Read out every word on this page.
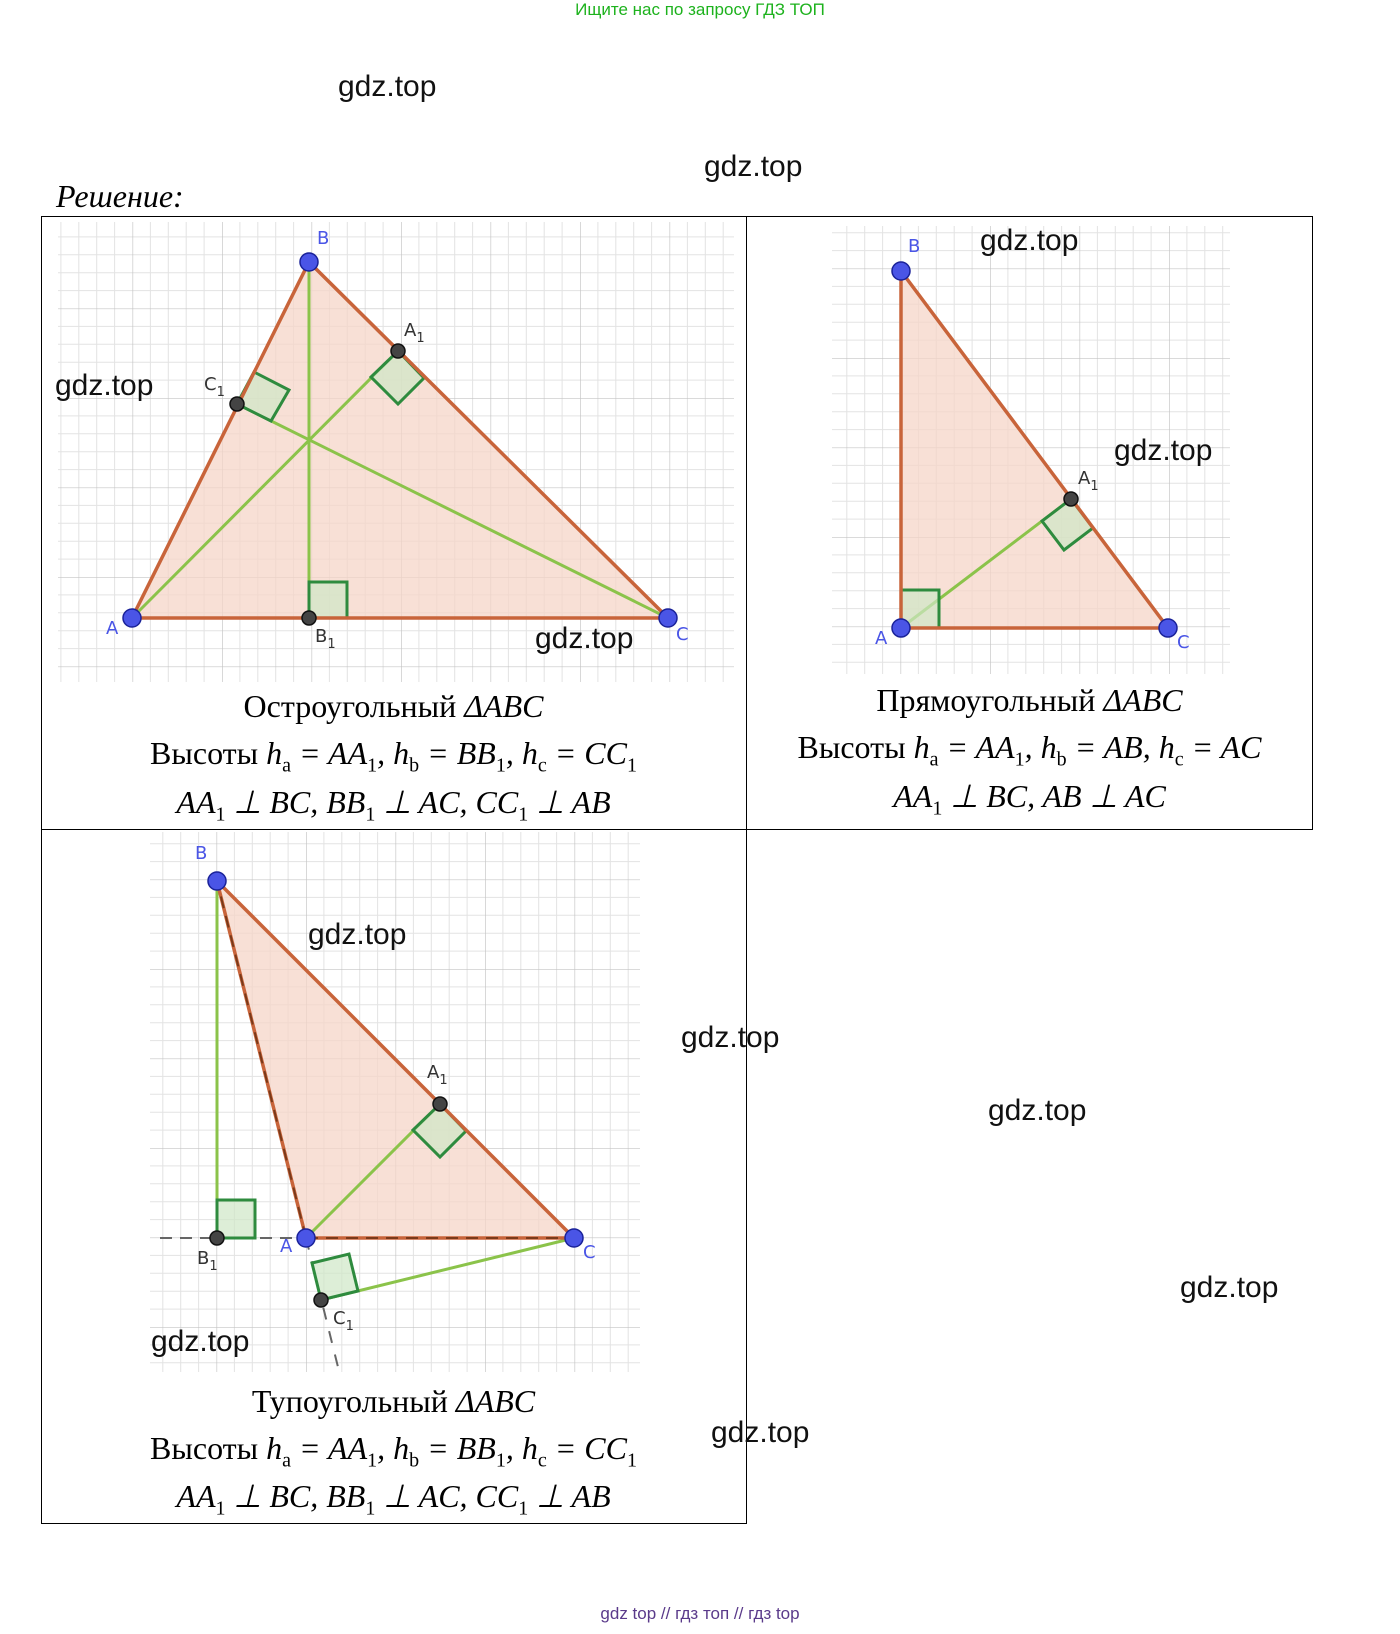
Ищите нас по запросу ГДЗ ТОП
gdz.top
gdz.top
Решение:
A
B
C
$A_1$
$B_1$
$C_1$
gdz.top
gdz.top
Остроугольный ΔABC
Высоты $h_a = AA_1$, $h_b = BB_1$, $h_c = CC_1$
$AA_1$ ⊥ BC, $BB_1$ ⊥ AC, $CC_1$ ⊥ AB
A
B
C
$A_1$
gdz.top
gdz.top
Прямоугольный ΔABC
Высоты $h_a = AA_1$, $h_b$ = AB, $h_c$ = AC
$AA_1$ ⊥ BC, AB ⊥ AC
A
B
C
$A_1$
$B_1$
$C_1$
gdz.top
gdz.top
Тупоугольный ΔABC
Высоты $h_a = AA_1$, $h_b = BB_1$, $h_c = CC_1$
$AA_1$ ⊥ BC, $BB_1$ ⊥ AC, $CC_1$ ⊥ AB
gdz.top
gdz.top
gdz.top
gdz.top
gdz top // гдз топ // гдз top
